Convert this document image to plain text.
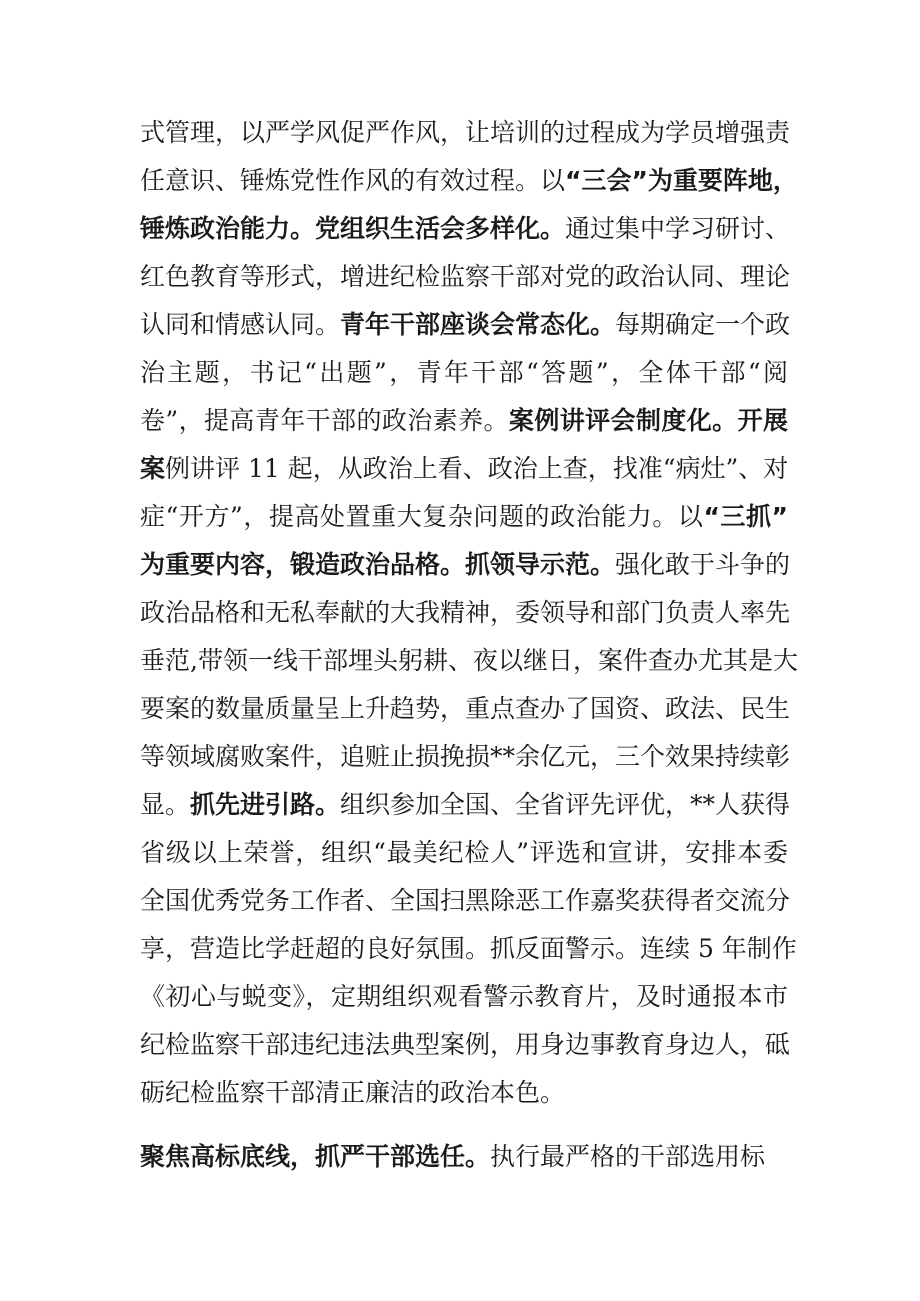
式管理，以严学风促严作风，让培训的过程成为学员增强责
任意识、锤炼党性作风的有效过程。以“三会”为重要阵地，
锤炼政治能力。党组织生活会多样化。通过集中学习研讨、
红色教育等形式，增进纪检监察干部对党的政治认同、理论
认同和情感认同。青年干部座谈会常态化。每期确定一个政
治主题，书记“出题”，青年干部“答题”，全体干部“阅
卷”，提高青年干部的政治素养。案例讲评会制度化。开展
案例讲评 11 起，从政治上看、政治上查，找准“病灶”、对
症“开方”，提高处置重大复杂问题的政治能力。以“三抓”
为重要内容，锻造政治品格。抓领导示范。强化敢于斗争的
政治品格和无私奉献的大我精神，委领导和部门负责人率先
垂范,带领一线干部埋头躬耕、夜以继日，案件查办尤其是大
要案的数量质量呈上升趋势，重点查办了国资、政法、民生
等领域腐败案件，追赃止损挽损**余亿元，三个效果持续彰
显。抓先进引路。组织参加全国、全省评先评优，**人获得
省级以上荣誉，组织“最美纪检人”评选和宣讲，安排本委
全国优秀党务工作者、全国扫黑除恶工作嘉奖获得者交流分
享，营造比学赶超的良好氛围。抓反面警示。连续 5 年制作
《初心与蜕变》，定期组织观看警示教育片，及时通报本市
纪检监察干部违纪违法典型案例，用身边事教育身边人，砥
砺纪检监察干部清正廉洁的政治本色。
聚焦高标底线，抓严干部选任。执行最严格的干部选用标
